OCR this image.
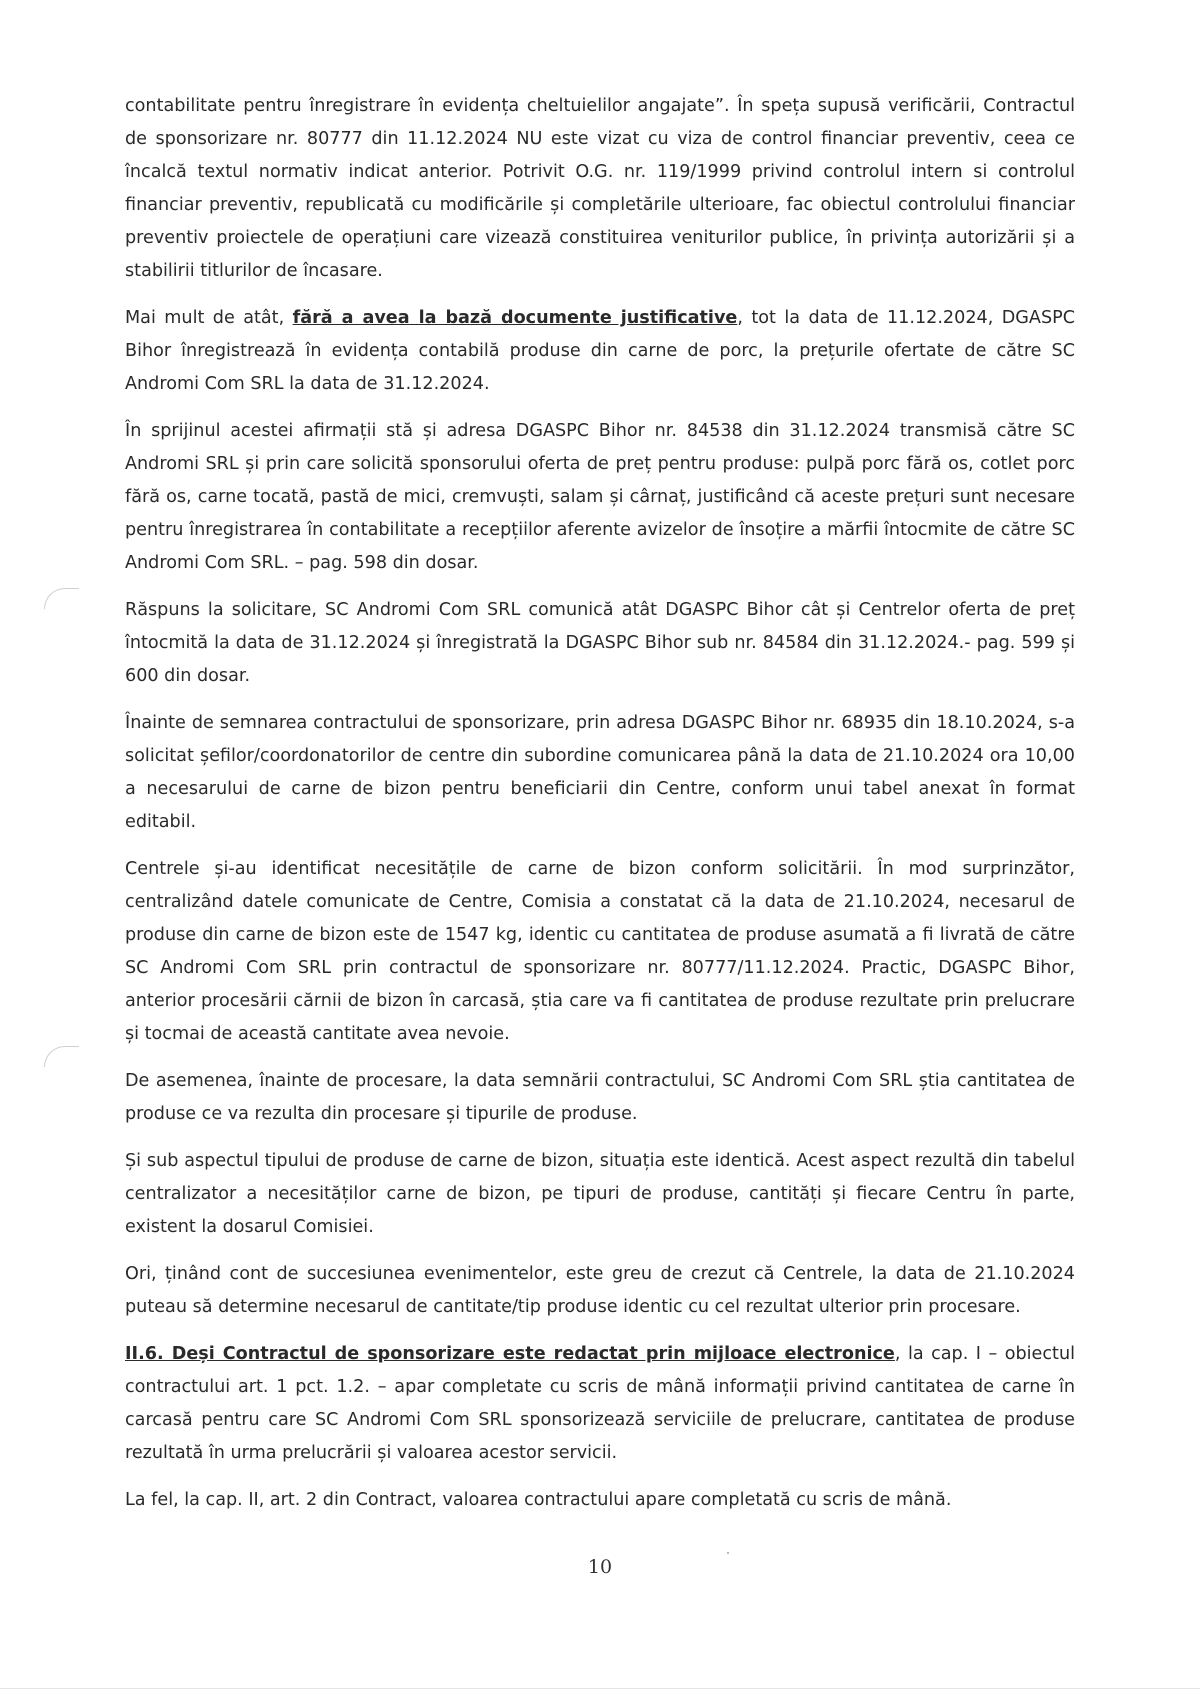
contabilitate pentru înregistrare în evidența cheltuielilor angajate”. În speța supusă verificării, Contractul de sponsorizare nr. 80777 din 11.12.2024 NU este vizat cu viza de control financiar preventiv, ceea ce încalcă textul normativ indicat anterior. Potrivit O.G. nr. 119/1999 privind controlul intern si controlul financiar preventiv, republicată cu modificările și completările ulterioare, fac obiectul controlului financiar preventiv proiectele de operațiuni care vizează constituirea veniturilor publice, în privința autorizării și a stabilirii titlurilor de încasare.

Mai mult de atât, fără a avea la bază documente justificative, tot la data de 11.12.2024, DGASPC Bihor înregistrează în evidența contabilă produse din carne de porc, la prețurile ofertate de către SC Andromi Com SRL la data de 31.12.2024.

În sprijinul acestei afirmații stă și adresa DGASPC Bihor nr. 84538 din 31.12.2024 transmisă către SC Andromi SRL și prin care solicită sponsorului oferta de preț pentru produse: pulpă porc fără os, cotlet porc fără os, carne tocată, pastă de mici, cremvuști, salam și cârnaț, justificând că aceste prețuri sunt necesare pentru înregistrarea în contabilitate a recepțiilor aferente avizelor de însoțire a mărfii întocmite de către SC Andromi Com SRL. – pag. 598 din dosar.

Răspuns la solicitare, SC Andromi Com SRL comunică atât DGASPC Bihor cât și Centrelor oferta de preț întocmită la data de 31.12.2024 și înregistrată la DGASPC Bihor sub nr. 84584 din 31.12.2024.- pag. 599 și 600 din dosar.

Înainte de semnarea contractului de sponsorizare, prin adresa DGASPC Bihor nr. 68935 din 18.10.2024, s-a solicitat șefilor/coordonatorilor de centre din subordine comunicarea până la data de 21.10.2024 ora 10,00 a necesarului de carne de bizon pentru beneficiarii din Centre, conform unui tabel anexat în format editabil.

Centrele și-au identificat necesitățile de carne de bizon conform solicitării. În mod surprinzător, centralizând datele comunicate de Centre, Comisia a constatat că la data de 21.10.2024, necesarul de produse din carne de bizon este de 1547 kg, identic cu cantitatea de produse asumată a fi livrată de către SC Andromi Com SRL prin contractul de sponsorizare nr. 80777/11.12.2024. Practic, DGASPC Bihor, anterior procesării cărnii de bizon în carcasă, știa care va fi cantitatea de produse rezultate prin prelucrare și tocmai de această cantitate avea nevoie.

De asemenea, înainte de procesare, la data semnării contractului, SC Andromi Com SRL știa cantitatea de produse ce va rezulta din procesare și tipurile de produse.

Și sub aspectul tipului de produse de carne de bizon, situația este identică. Acest aspect rezultă din tabelul centralizator a necesităților carne de bizon, pe tipuri de produse, cantități și fiecare Centru în parte, existent la dosarul Comisiei.

Ori, ținând cont de succesiunea evenimentelor, este greu de crezut că Centrele, la data de 21.10.2024 puteau să determine necesarul de cantitate/tip produse identic cu cel rezultat ulterior prin procesare.

II.6. Deși Contractul de sponsorizare este redactat prin mijloace electronice, la cap. I – obiectul contractului art. 1 pct. 1.2. – apar completate cu scris de mână informații privind cantitatea de carne în carcasă pentru care SC Andromi Com SRL sponsorizează serviciile de prelucrare, cantitatea de produse rezultată în urma prelucrării și valoarea acestor servicii.

La fel, la cap. II, art. 2 din Contract, valoarea contractului apare completată cu scris de mână.

10
